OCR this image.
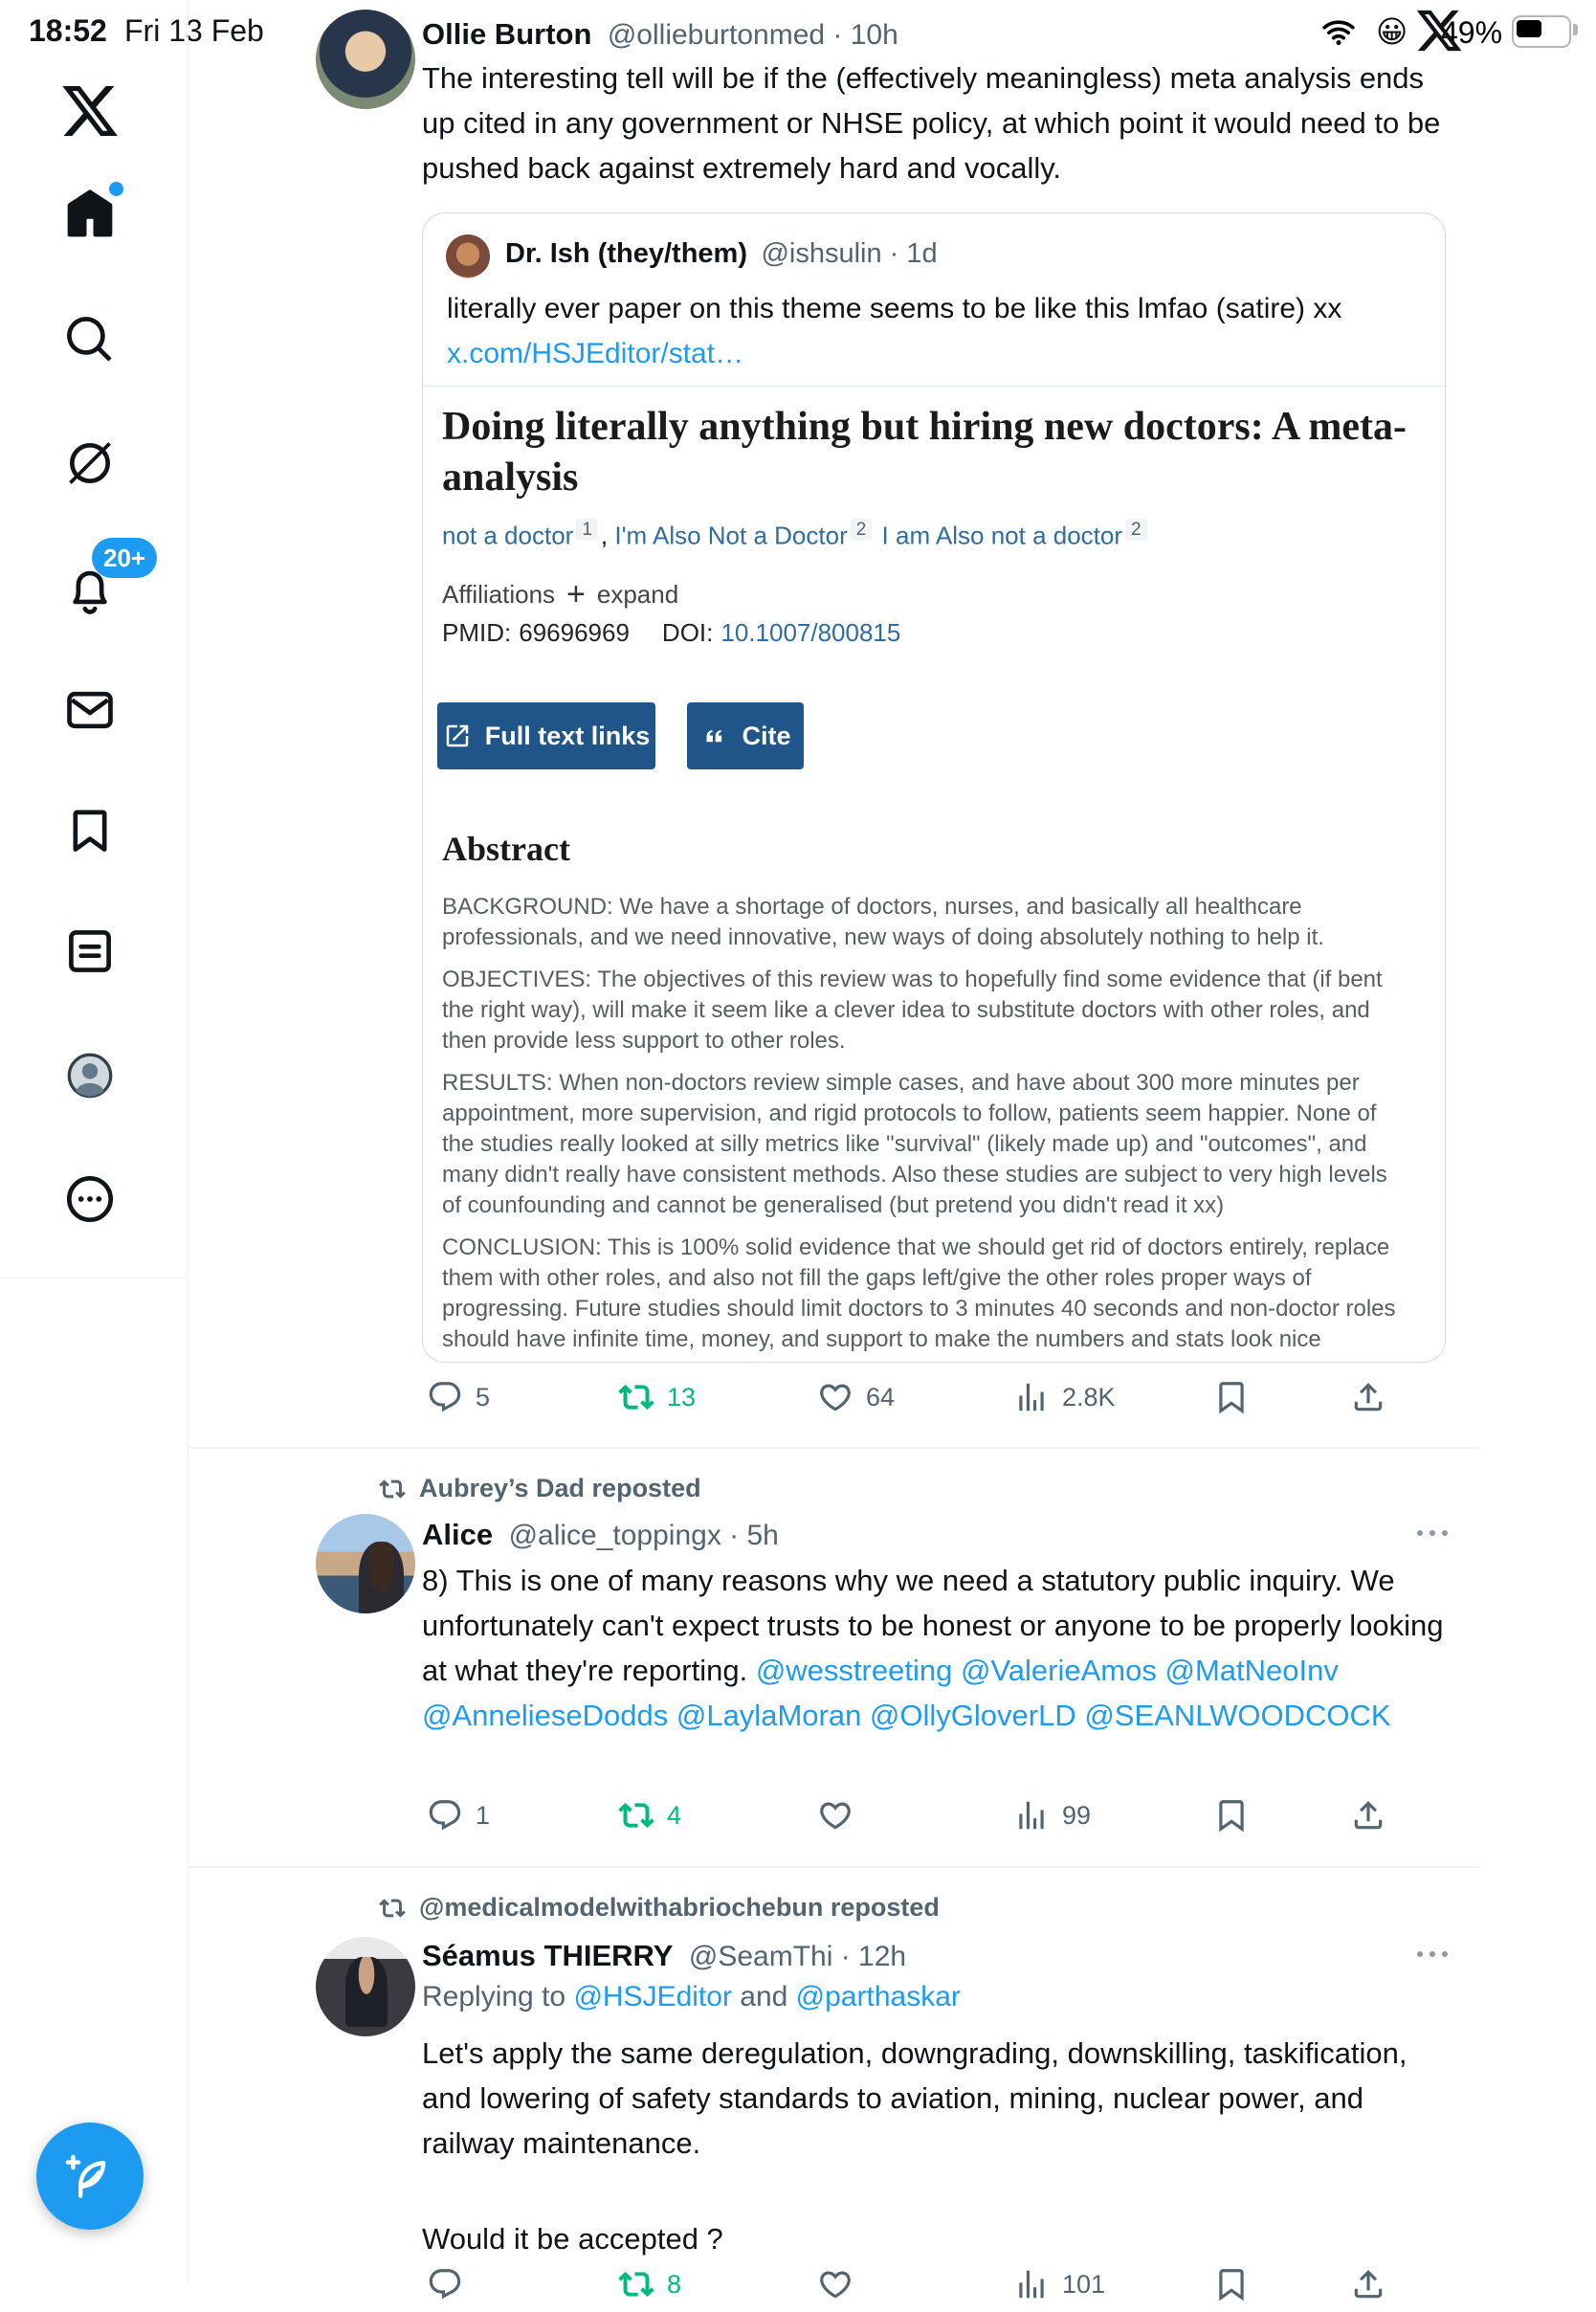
18:52 Fri 13 Feb	😀 49%
20+
Ollie Burton @ollieburtonmed · 10h
The interesting tell will be if the (effectively meaningless) meta analysis ends up cited in any government or NHSE policy, at which point it would need to be pushed back against extremely hard and vocally.
Dr. Ish (they/them) @ishsulin · 1d
literally ever paper on this theme seems to be like this lmfao (satire) xx x.com/HSJEditor/stat…
Doing literally anything but hiring new doctors: A meta-analysis
not a doctor $^1$ , I'm Also Not a Doctor $^2$ I am Also not a doctor $^2$
Affiliations + expand
PMID: 69696969 DOI: 10.1007/800815
Full text links	Cite
Abstract

BACKGROUND: We have a shortage of doctors, nurses, and basically all healthcare professionals, and we need innovative, new ways of doing absolutely nothing to help it.

OBJECTIVES: The objectives of this review was to hopefully find some evidence that (if bent the right way), will make it seem like a clever idea to substitute doctors with other roles, and then provide less support to other roles.

RESULTS: When non-doctors review simple cases, and have about 300 more minutes per appointment, more supervision, and rigid protocols to follow, patients seem happier. None of the studies really looked at silly metrics like "survival" (likely made up) and "outcomes", and many didn't really have consistent methods. Also these studies are subject to very high levels of counfounding and cannot be generalised (but pretend you didn't read it xx)

CONCLUSION: This is 100% solid evidence that we should get rid of doctors entirely, replace them with other roles, and also not fill the gaps left/give the other roles proper ways of progressing. Future studies should limit doctors to 3 minutes 40 seconds and non-doctor roles should have infinite time, money, and support to make the numbers and stats look nice

5	13	64	2.8K
Aubrey’s Dad reposted
Alice @alice_toppingx · 5h
8) This is one of many reasons why we need a statutory public inquiry. We unfortunately can't expect trusts to be honest or anyone to be properly looking at what they're reporting. @wesstreeting @ValerieAmos @MatNeoInv @AnnelieseDodds @LaylaMoran @OllyGloverLD @SEANLWOODCOCK
1	4	99
@medicalmodelwithabriochebun reposted
Séamus THIERRY @SeamThi · 12h
Replying to @HSJEditor and @parthaskar
Let's apply the same deregulation, downgrading, downskilling, taskification, and lowering of safety standards to aviation, mining, nuclear power, and railway maintenance.
Would it be accepted ?
8	101
